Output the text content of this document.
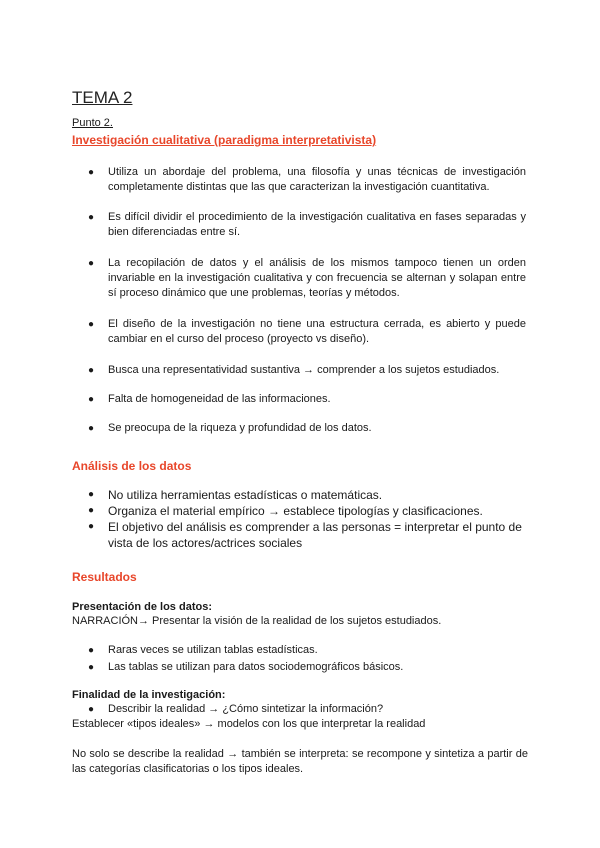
TEMA 2
Punto 2.
Investigación cualitativa (paradigma interpretativista)
● Utiliza un abordaje del problema, una filosofía y unas técnicas de investigación completamente distintas que las que caracterizan la investigación cuantitativa.
● Es difícil dividir el procedimiento de la investigación cualitativa en fases separadas y bien diferenciadas entre sí.
● La recopilación de datos y el análisis de los mismos tampoco tienen un orden invariable en la investigación cualitativa y con frecuencia se alternan y solapan entre sí proceso dinámico que une problemas, teorías y métodos.
● El diseño de la investigación no tiene una estructura cerrada, es abierto y puede cambiar en el curso del proceso (proyecto vs diseño).
● Busca una representatividad sustantiva → comprender a los sujetos estudiados.
● Falta de homogeneidad de las informaciones.
● Se preocupa de la riqueza y profundidad de los datos.
Análisis de los datos
● No utiliza herramientas estadísticas o matemáticas.
● Organiza el material empírico → establece tipologías y clasificaciones.
● El objetivo del análisis es comprender a las personas = interpretar el punto de vista de los actores/actrices sociales
Resultados
Presentación de los datos:
NARRACIÓN→ Presentar la visión de la realidad de los sujetos estudiados.
● Raras veces se utilizan tablas estadísticas.
● Las tablas se utilizan para datos sociodemográficos básicos.
Finalidad de la investigación:
● Describir la realidad → ¿Cómo sintetizar la información?
Establecer «tipos ideales» → modelos con los que interpretar la realidad
No solo se describe la realidad → también se interpreta: se recompone y sintetiza a partir de las categorías clasificatorias o los tipos ideales.
